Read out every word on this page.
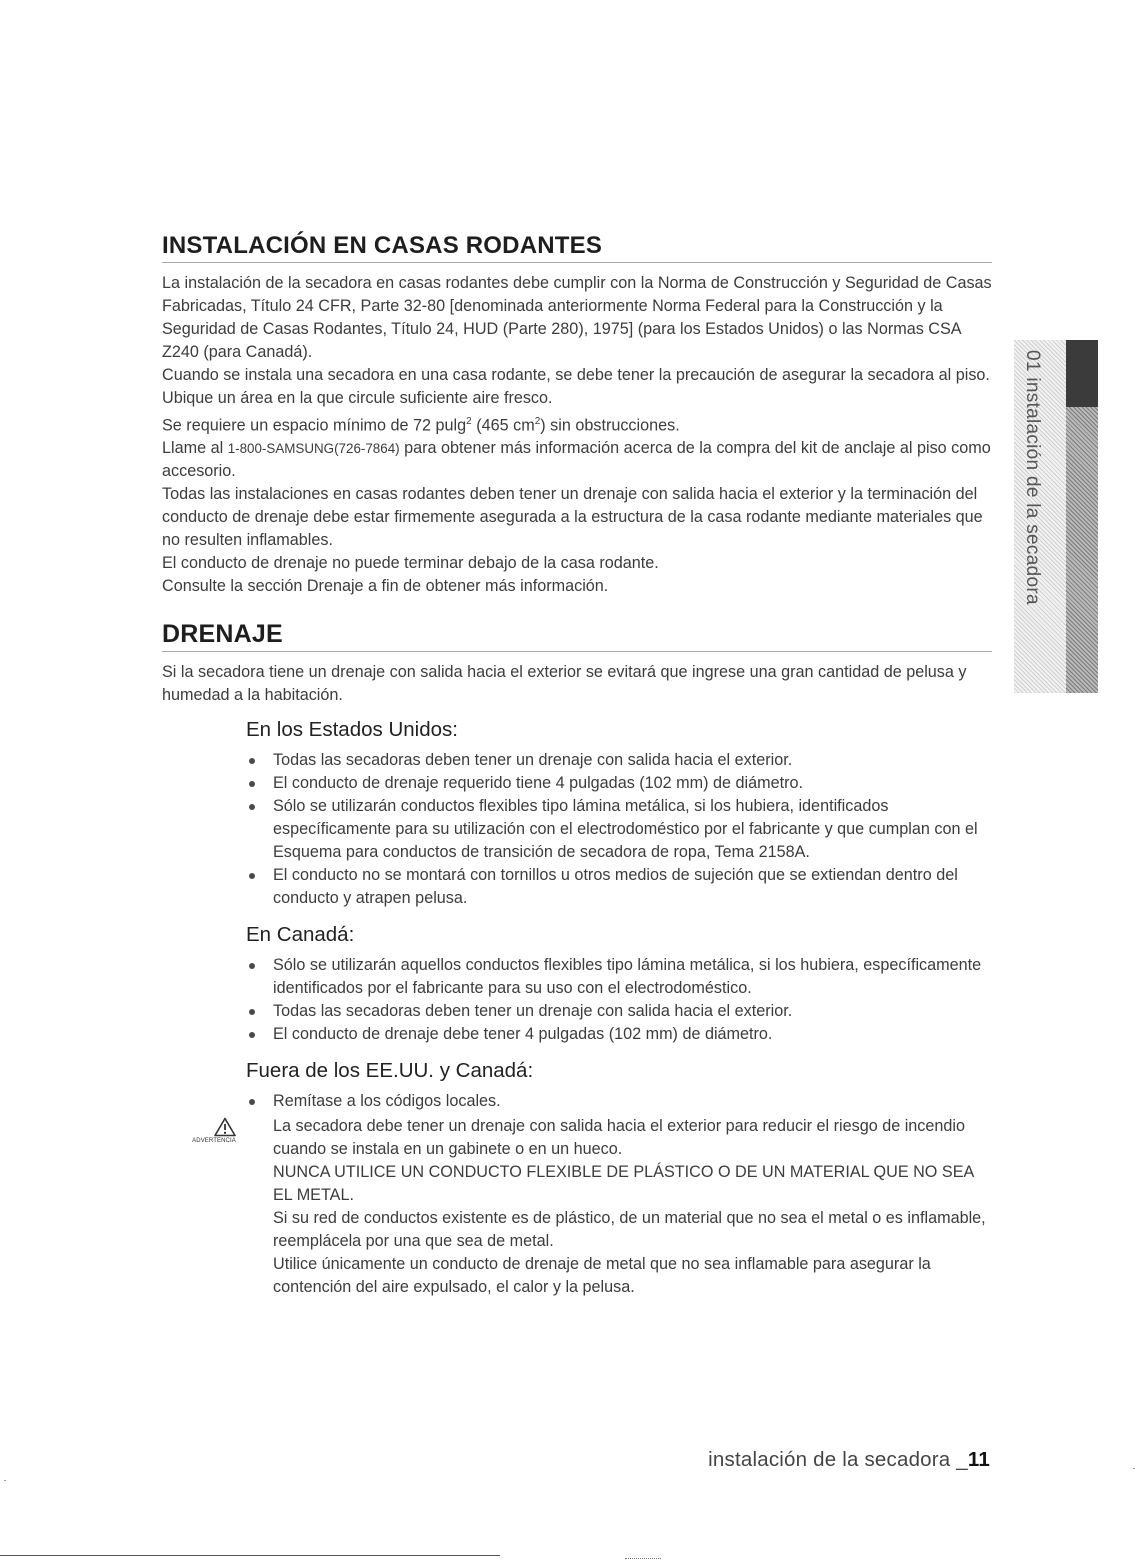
INSTALACIÓN EN CASAS RODANTES

La instalación de la secadora en casas rodantes debe cumplir con la Norma de Construcción y Seguridad de Casas Fabricadas, Título 24 CFR, Parte 32-80 [denominada anteriormente Norma Federal para la Construcción y la Seguridad de Casas Rodantes, Título 24, HUD (Parte 280), 1975] (para los Estados Unidos) o las Normas CSA Z240 (para Canadá).

Cuando se instala una secadora en una casa rodante, se debe tener la precaución de asegurar la secadora al piso.

Ubique un área en la que circule suficiente aire fresco.

Se requiere un espacio mínimo de 72 pulg$^2$ (465 $cm^2$) sin obstrucciones.

Llame al 1-800-SAMSUNG(726-7864) para obtener más información acerca de la compra del kit de anclaje al piso como accesorio.

Todas las instalaciones en casas rodantes deben tener un drenaje con salida hacia el exterior y la terminación del conducto de drenaje debe estar firmemente asegurada a la estructura de la casa rodante mediante materiales que no resulten inflamables.

El conducto de drenaje no puede terminar debajo de la casa rodante.

Consulte la sección Drenaje a fin de obtener más información.

DRENAJE

Si la secadora tiene un drenaje con salida hacia el exterior se evitará que ingrese una gran cantidad de pelusa y humedad a la habitación.

En los Estados Unidos:
Todas las secadoras deben tener un drenaje con salida hacia el exterior.
El conducto de drenaje requerido tiene 4 pulgadas (102 mm) de diámetro.
Sólo se utilizarán conductos flexibles tipo lámina metálica, si los hubiera, identificados específicamente para su utilización con el electrodoméstico por el fabricante y que cumplan con el Esquema para conductos de transición de secadora de ropa, Tema 2158A.
El conducto no se montará con tornillos u otros medios de sujeción que se extiendan dentro del conducto y atrapen pelusa.
En Canadá:
Sólo se utilizarán aquellos conductos flexibles tipo lámina metálica, si los hubiera, específicamente identificados por el fabricante para su uso con el electrodoméstico.
Todas las secadoras deben tener un drenaje con salida hacia el exterior.
El conducto de drenaje debe tener 4 pulgadas (102 mm) de diámetro.
Fuera de los EE.UU. y Canadá:
Remítase a los códigos locales.
ADVERTENCIA

La secadora debe tener un drenaje con salida hacia el exterior para reducir el riesgo de incendio cuando se instala en un gabinete o en un hueco.

NUNCA UTILICE UN CONDUCTO FLEXIBLE DE PLÁSTICO O DE UN MATERIAL QUE NO SEA EL METAL.

Si su red de conductos existente es de plástico, de un material que no sea el metal o es inflamable, reemplácela por una que sea de metal.

Utilice únicamente un conducto de drenaje de metal que no sea inflamable para asegurar la contención del aire expulsado, el calor y la pelusa.

01 instalación de la secadora
instalación de la secadora _11
